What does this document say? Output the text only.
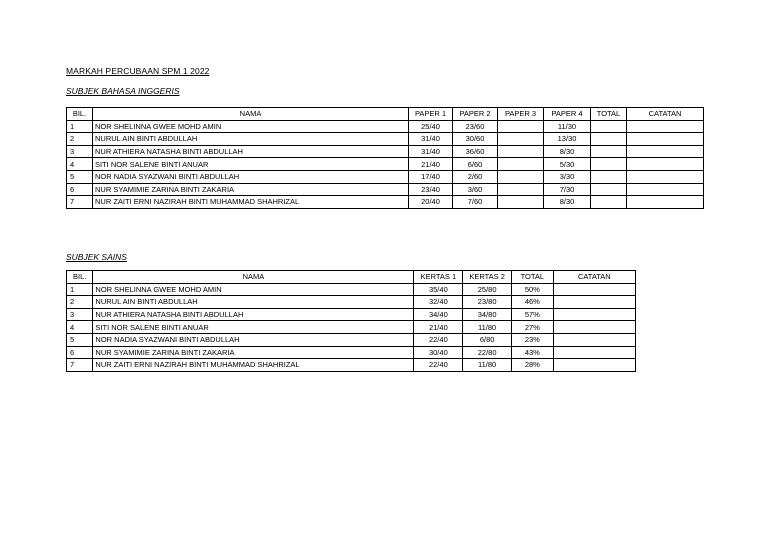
MARKAH PERCUBAAN SPM 1 2022
SUBJEK BAHASA INGGERIS
BIL.	NAMA	PAPER 1	PAPER 2	PAPER 3	PAPER 4	TOTAL	CATATAN
1	NOR SHELINNA GWEE MOHD AMIN	25/40	23/60		11/30		
2	NURUL AIN BINTI ABDULLAH	31/40	30/60		13/30		
3	NUR ATHIERA NATASHA BINTI ABDULLAH	31/40	36/60		8/30		
4	SITI NOR SALENE BINTI ANUAR	21/40	6/60		5/30		
5	NOR NADIA SYAZWANI BINTI ABDULLAH	17/40	2/60		3/30		
6	NUR SYAMIMIE ZARINA BINTI ZAKARIA	23/40	3/60		7/30		
7	NUR ZAITI ERNI NAZIRAH BINTI MUHAMMAD SHAHRIZAL	20/40	7/60		8/30		
SUBJEK SAINS
BIL.	NAMA	KERTAS 1	KERTAS 2	TOTAL	CATATAN
1	NOR SHELINNA GWEE MOHD AMIN	35/40	25/80	50%	
2	NURUL AIN BINTI ABDULLAH	32/40	23/80	46%	
3	NUR ATHIERA NATASHA BINTI ABDULLAH	34/40	34/80	57%	
4	SITI NOR SALENE BINTI ANUAR	21/40	11/80	27%	
5	NOR NADIA SYAZWANI BINTI ABDULLAH	22/40	6/80	23%	
6	NUR SYAMIMIE ZARINA BINTI ZAKARIA	30/40	22/80	43%	
7	NUR ZAITI ERNI NAZIRAH BINTI MUHAMMAD SHAHRIZAL	22/40	11/80	28%	
